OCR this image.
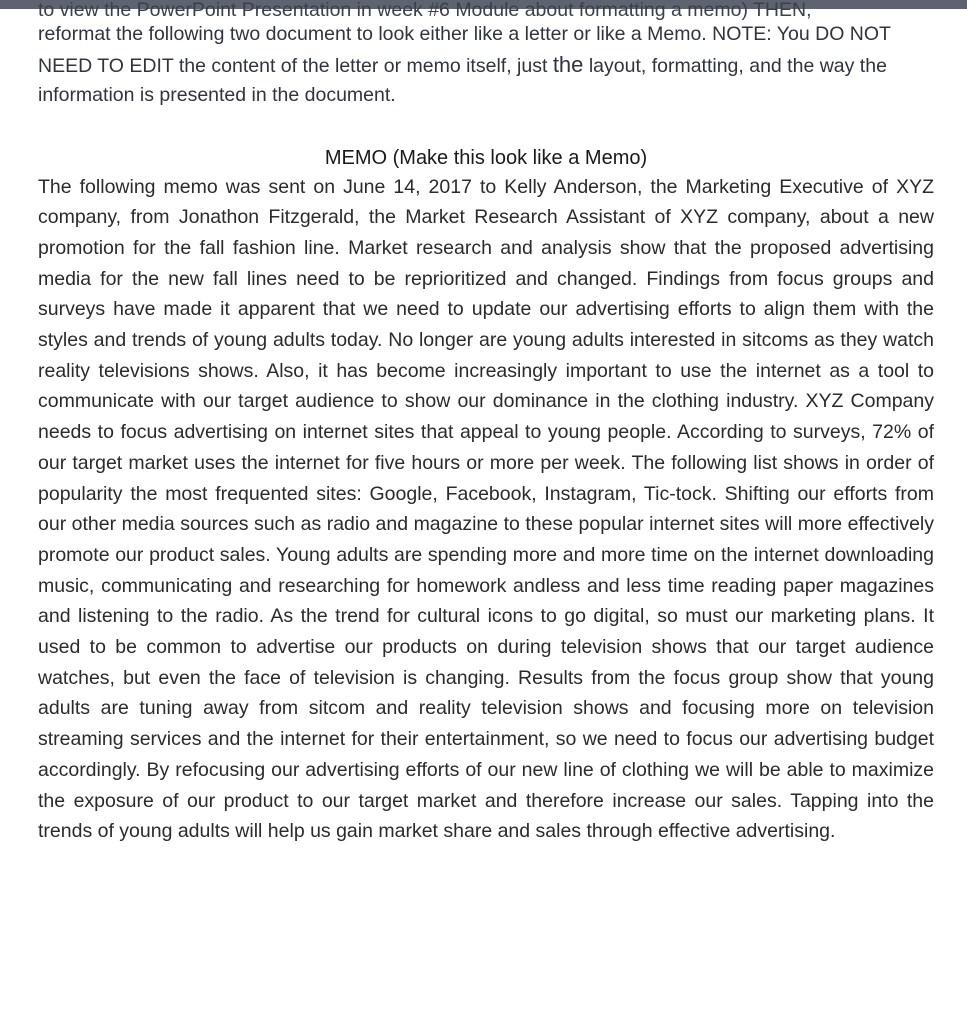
to view the PowerPoint Presentation in week #6 Module about formatting a memo) THEN,

reformat the following two document to look either like a letter or like a Memo. NOTE: You DO NOT NEED TO EDIT the content of the letter or memo itself, just the layout, formatting, and the way the information is presented in the document.

MEMO (Make this look like a Memo)

The following memo was sent on June 14, 2017 to Kelly Anderson, the Marketing Executive of XYZ company, from Jonathon Fitzgerald, the Market Research Assistant of XYZ company, about a new promotion for the fall fashion line. Market research and analysis show that the proposed advertising media for the new fall lines need to be reprioritized and changed. Findings from focus groups and surveys have made it apparent that we need to update our advertising efforts to align them with the styles and trends of young adults today. No longer are young adults interested in sitcoms as they watch reality televisions shows. Also, it has become increasingly important to use the internet as a tool to communicate with our target audience to show our dominance in the clothing industry. XYZ Company needs to focus advertising on internet sites that appeal to young people. According to surveys, 72% of our target market uses the internet for five hours or more per week. The following list shows in order of popularity the most frequented sites: Google, Facebook, Instagram, Tic-tock. Shifting our efforts from our other media sources such as radio and magazine to these popular internet sites will more effectively promote our product sales. Young adults are spending more and more time on the internet downloading music, communicating and researching for homework andless and less time reading paper magazines and listening to the radio. As the trend for cultural icons to go digital, so must our marketing plans. It used to be common to advertise our products on during television shows that our target audience watches, but even the face of television is changing. Results from the focus group show that young adults are tuning away from sitcom and reality television shows and focusing more on television streaming services and the internet for their entertainment, so we need to focus our advertising budget accordingly. By refocusing our advertising efforts of our new line of clothing we will be able to maximize the exposure of our product to our target market and therefore increase our sales. Tapping into the trends of young adults will help us gain market share and sales through effective advertising.
